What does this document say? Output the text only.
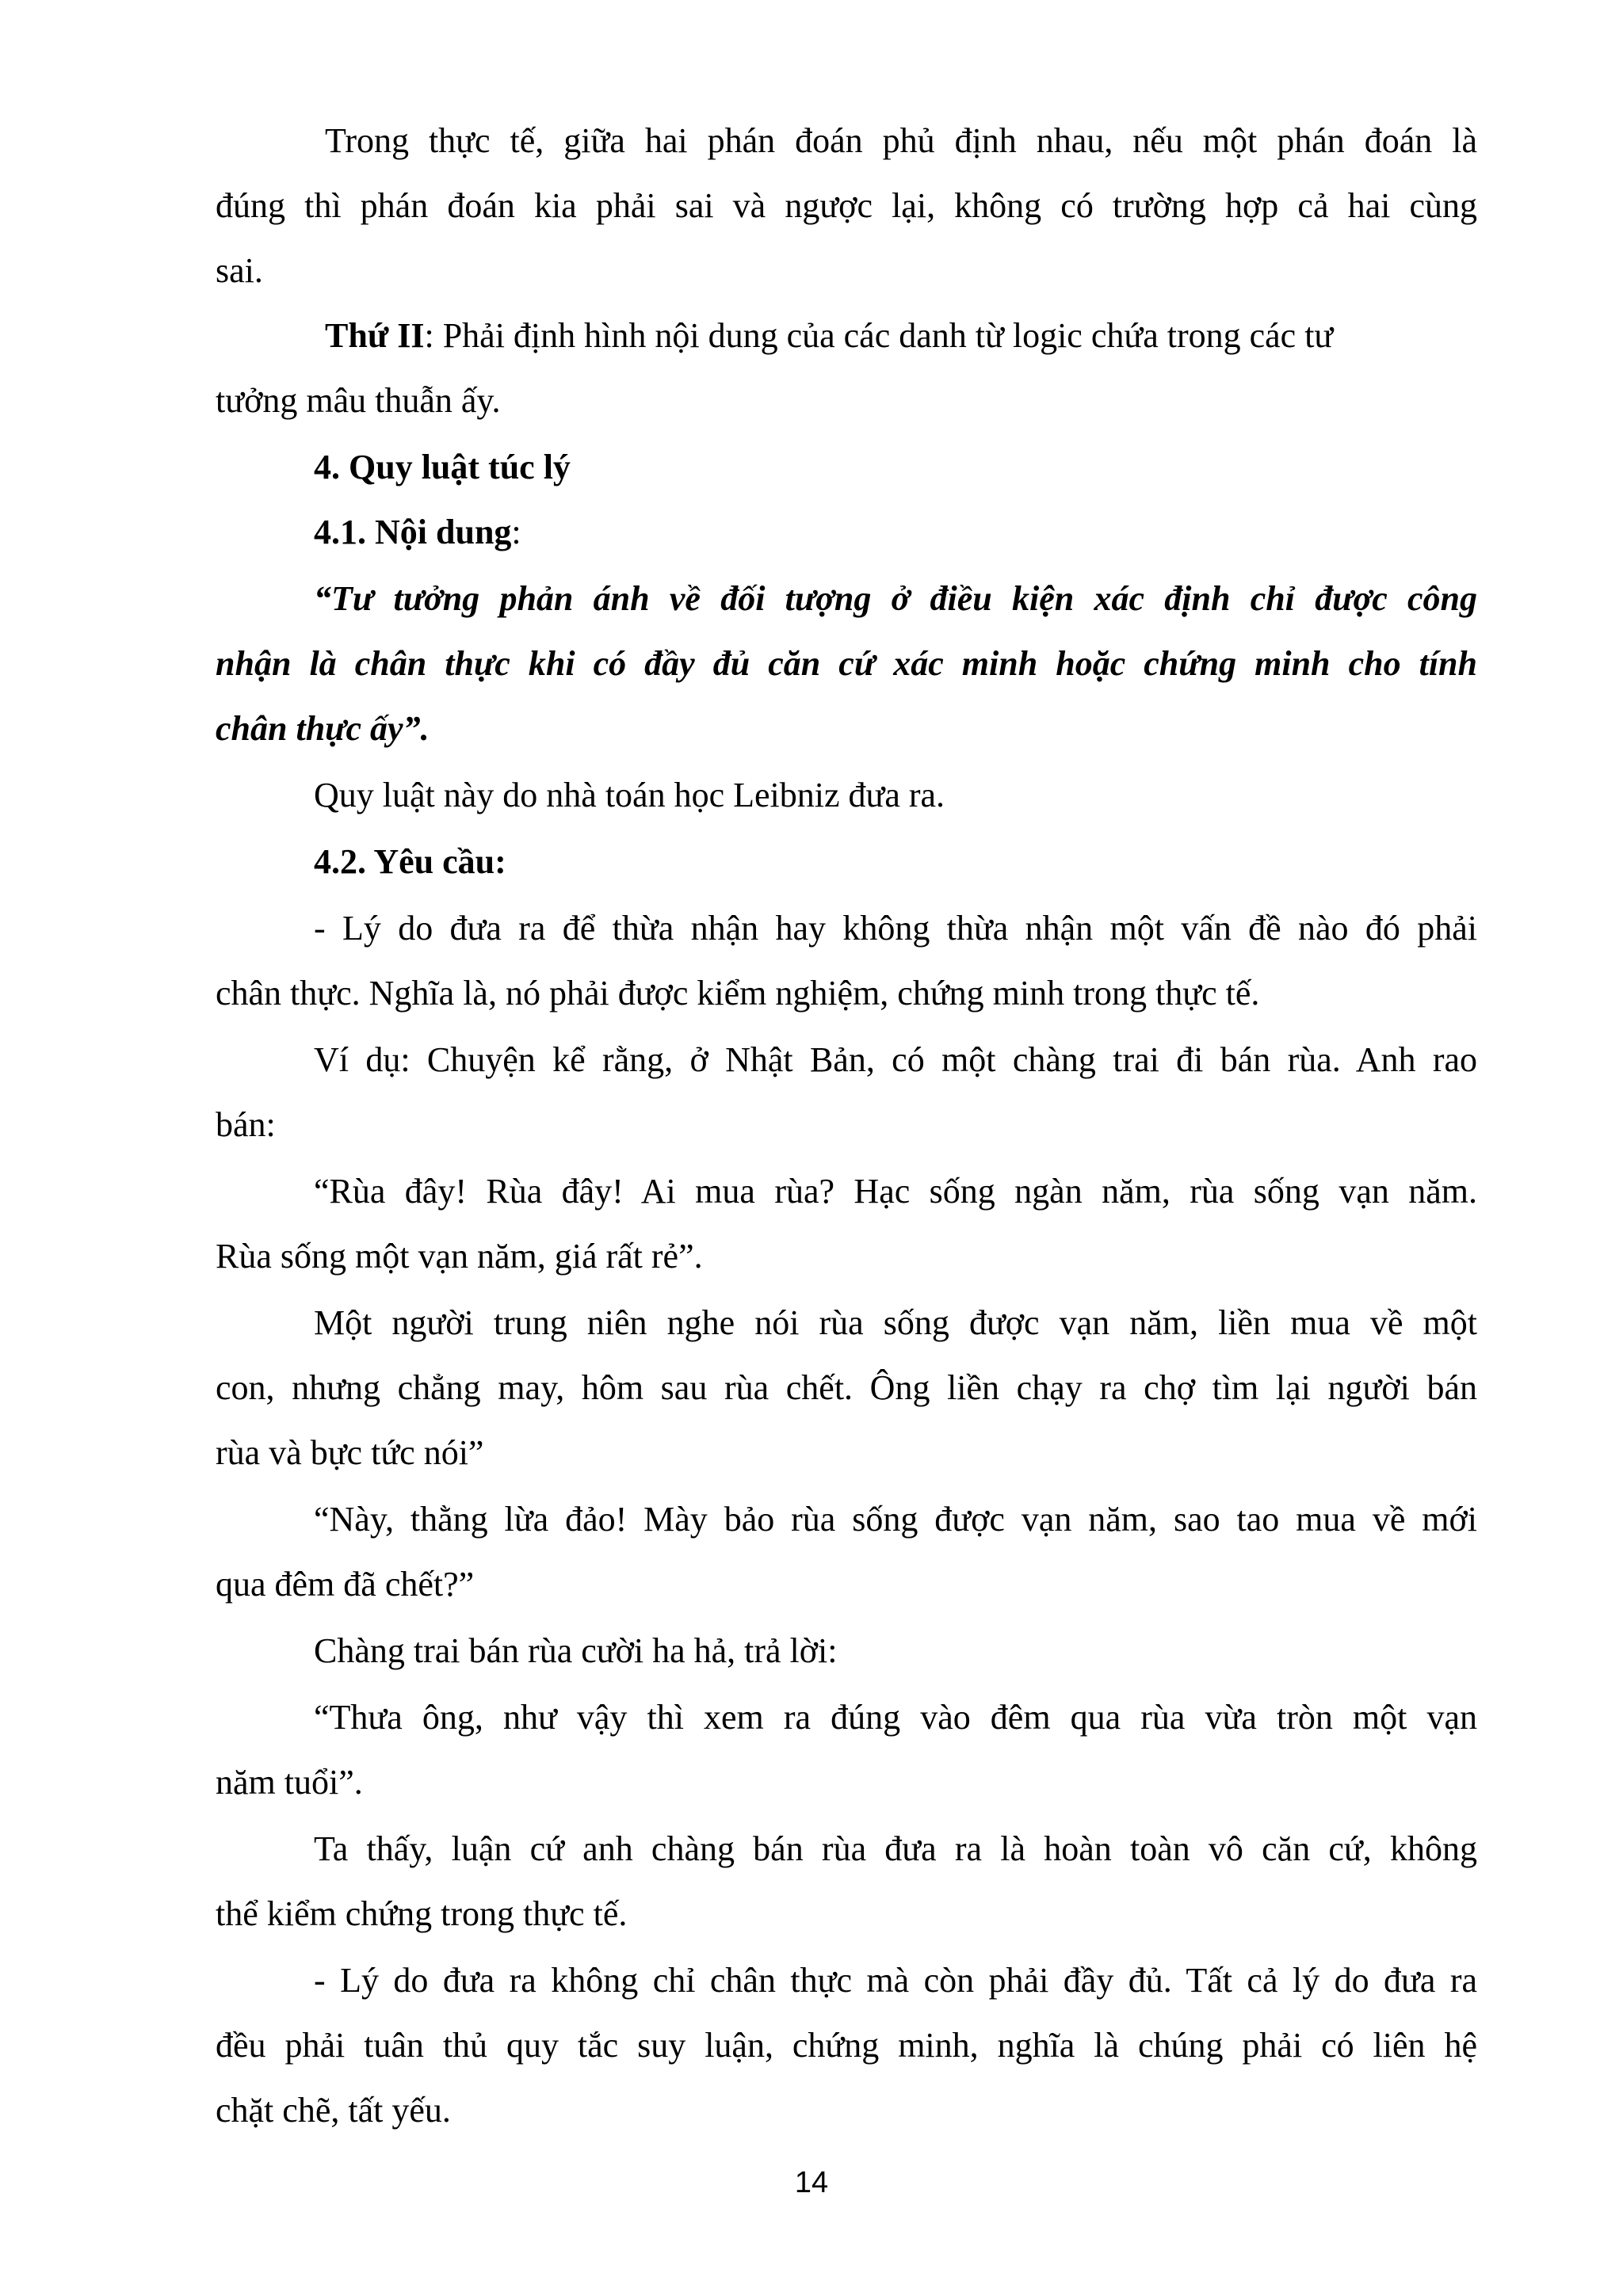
Trong thực tế, giữa hai phán đoán phủ định nhau, nếu một phán đoán là
đúng thì phán đoán kia phải sai và ngược lại, không có trường hợp cả hai cùng
sai.
Thứ II: Phải định hình nội dung của các danh từ logic chứa trong các tư
tưởng mâu thuẫn ấy.
4. Quy luật túc lý
4.1. Nội dung:
“Tư tưởng phản ánh về đối tượng ở điều kiện xác định chỉ được công
nhận là chân thực khi có đầy đủ căn cứ xác minh hoặc chứng minh cho tính
chân thực ấy”.
Quy luật này do nhà toán học Leibniz đưa ra.
4.2. Yêu cầu:
- Lý do đưa ra để thừa nhận hay không thừa nhận một vấn đề nào đó phải
chân thực. Nghĩa là, nó phải được kiểm nghiệm, chứng minh trong thực tế.
Ví dụ: Chuyện kể rằng, ở Nhật Bản, có một chàng trai đi bán rùa. Anh rao
bán:
“Rùa đây! Rùa đây! Ai mua rùa? Hạc sống ngàn năm, rùa sống vạn năm.
Rùa sống một vạn năm, giá rất rẻ”.
Một người trung niên nghe nói rùa sống được vạn năm, liền mua về một
con, nhưng chẳng may, hôm sau rùa chết. Ông liền chạy ra chợ tìm lại người bán
rùa và bực tức nói”
“Này, thằng lừa đảo! Mày bảo rùa sống được vạn năm, sao tao mua về mới
qua đêm đã chết?”
Chàng trai bán rùa cười ha hả, trả lời:
“Thưa ông, như vậy thì xem ra đúng vào đêm qua rùa vừa tròn một vạn
năm tuổi”.
Ta thấy, luận cứ anh chàng bán rùa đưa ra là hoàn toàn vô căn cứ, không
thể kiểm chứng trong thực tế.
- Lý do đưa ra không chỉ chân thực mà còn phải đầy đủ. Tất cả lý do đưa ra
đều phải tuân thủ quy tắc suy luận, chứng minh, nghĩa là chúng phải có liên hệ
chặt chẽ, tất yếu.
14
